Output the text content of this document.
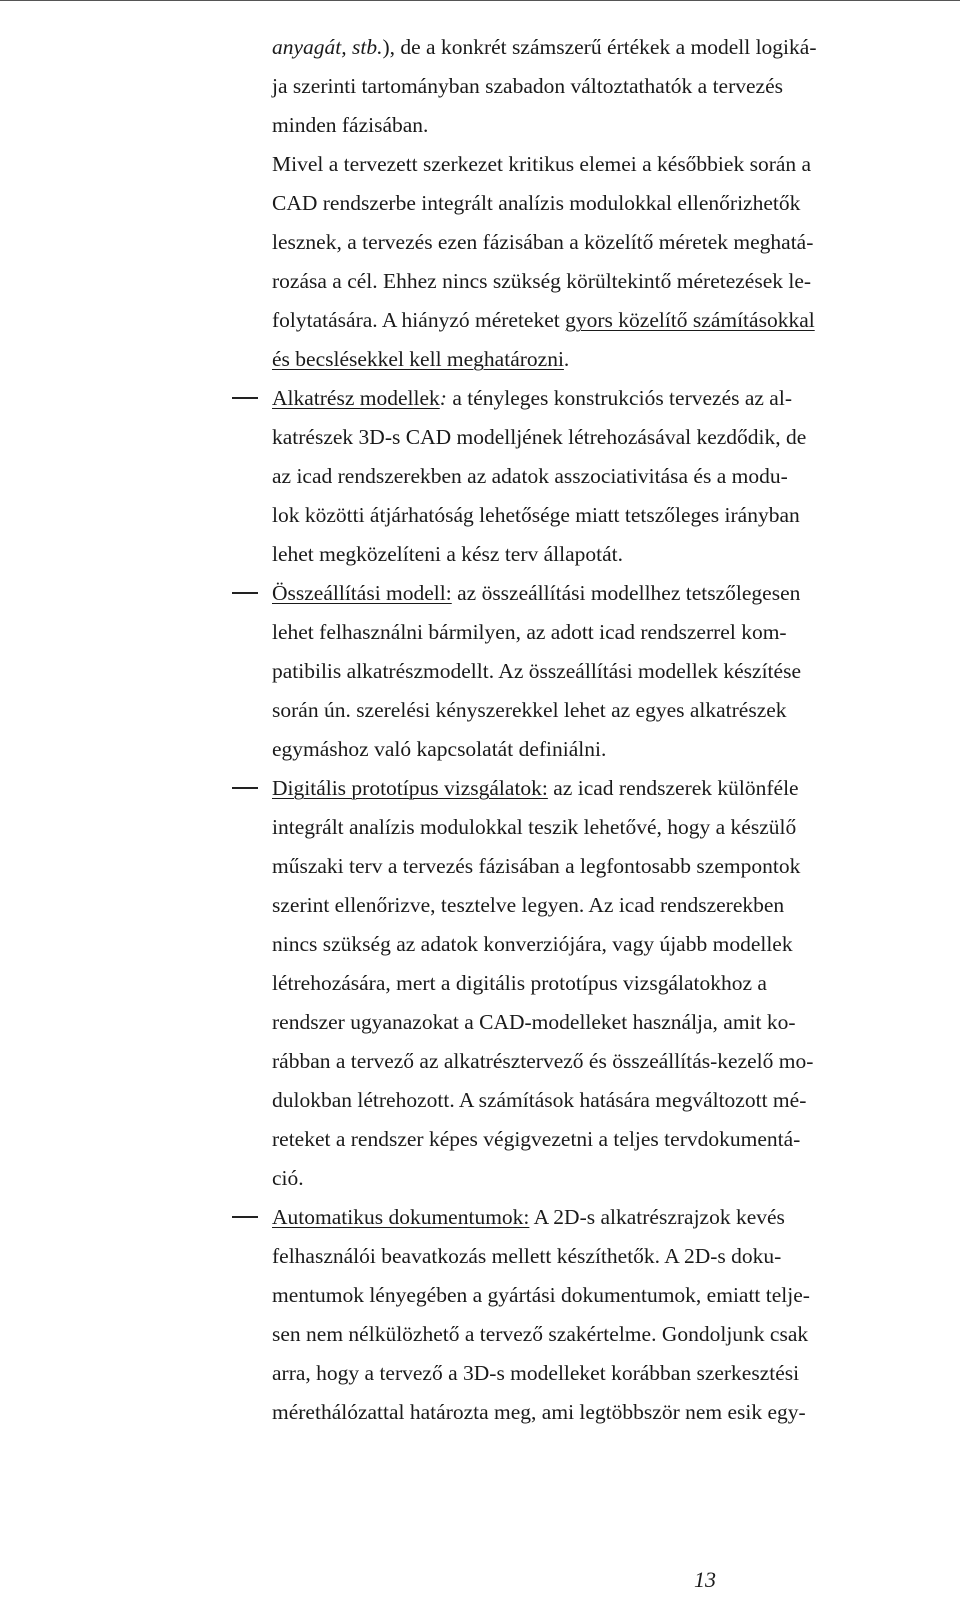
anyagát, stb.), de a konkrét számszerű értékek a modell logiká-
ja szerinti tartományban szabadon változtathatók a tervezés
minden fázisában.
Mivel a tervezett szerkezet kritikus elemei a későbbiek során a
CAD rendszerbe integrált analízis modulokkal ellenőrizhetők
lesznek, a tervezés ezen fázisában a közelítő méretek meghatá-
rozása a cél. Ehhez nincs szükség körültekintő méretezések le-
folytatására. A hiányzó méreteket gyors közelítő számításokkal
és becslésekkel kell meghatározni.
Alkatrész modellek: a tényleges konstrukciós tervezés az al-
katrészek 3D-s CAD modelljének létrehozásával kezdődik, de
az icad rendszerekben az adatok asszociativitása és a modu-
lok közötti átjárhatóság lehetősége miatt tetszőleges irányban
lehet megközelíteni a kész terv állapotát.
Összeállítási modell: az összeállítási modellhez tetszőlegesen
lehet felhasználni bármilyen, az adott icad rendszerrel kom-
patibilis alkatrészmodellt. Az összeállítási modellek készítése
során ún. szerelési kényszerekkel lehet az egyes alkatrészek
egymáshoz való kapcsolatát definiálni.
Digitális prototípus vizsgálatok: az icad rendszerek különféle
integrált analízis modulokkal teszik lehetővé, hogy a készülő
műszaki terv a tervezés fázisában a legfontosabb szempontok
szerint ellenőrizve, tesztelve legyen. Az icad rendszerekben
nincs szükség az adatok konverziójára, vagy újabb modellek
létrehozására, mert a digitális prototípus vizsgálatokhoz a
rendszer ugyanazokat a CAD-modelleket használja, amit ko-
rábban a tervező az alkatrésztervező és összeállítás-kezelő mo-
dulokban létrehozott. A számítások hatására megváltozott mé-
reteket a rendszer képes végigvezetni a teljes tervdokumentá-
ció.
Automatikus dokumentumok: A 2D-s alkatrészrajzok kevés
felhasználói beavatkozás mellett készíthetők. A 2D-s doku-
mentumok lényegében a gyártási dokumentumok, emiatt telje-
sen nem nélkülözhető a tervező szakértelme. Gondoljunk csak
arra, hogy a tervező a 3D-s modelleket korábban szerkesztési
mérethálózattal határozta meg, ami legtöbbször nem esik egy-
13
